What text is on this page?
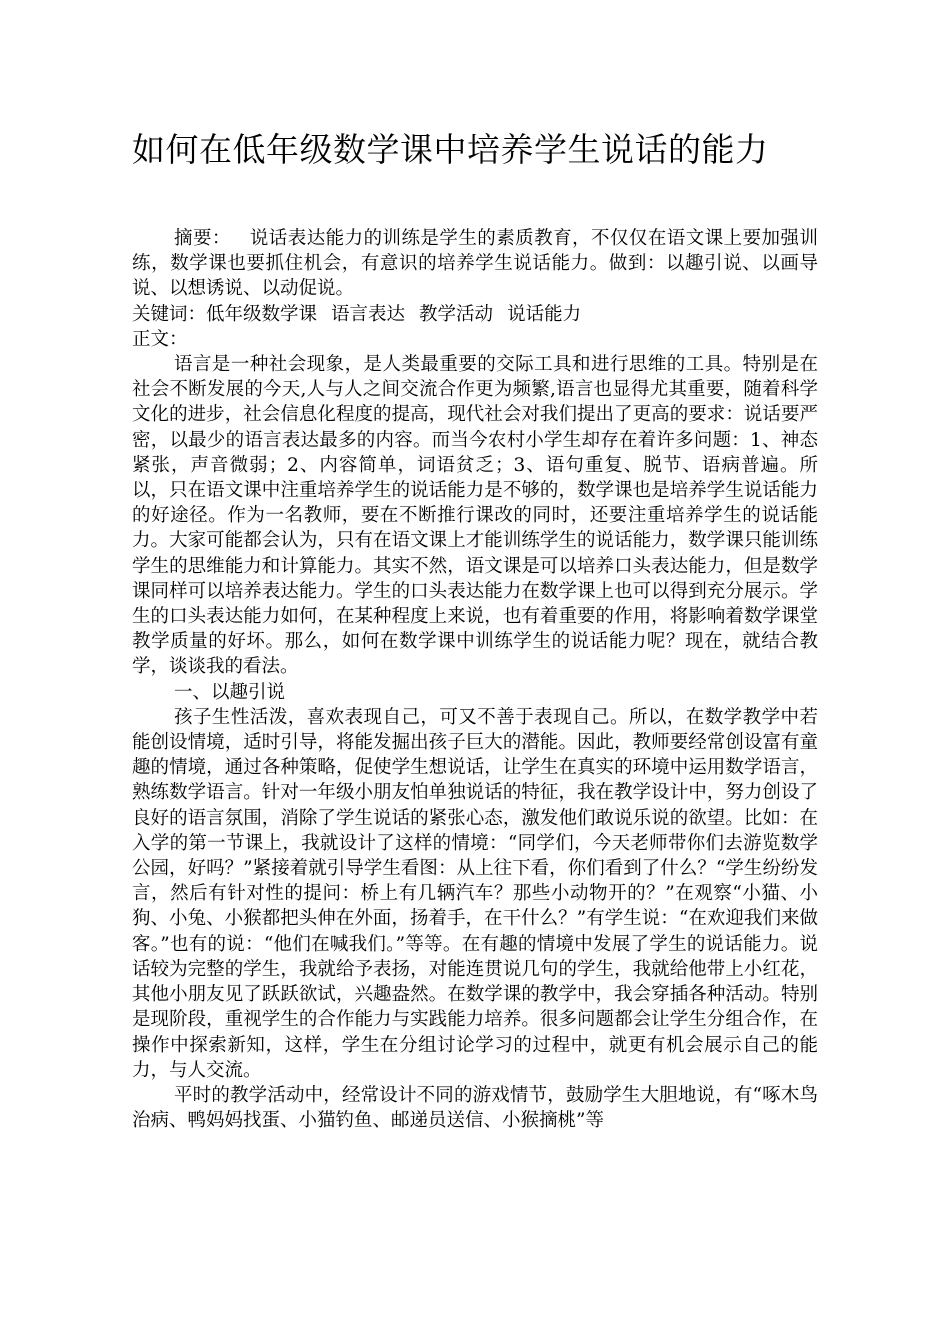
如何在低年级数学课中培养学生说话的能力

摘要： 说话表达能力的训练是学生的素质教育，不仅仅在语文课上要加强训练，数学课也要抓住机会，有意识的培养学生说话能力。做到：以趣引说、以画导说、以想诱说、以动促说。

关键词：低年级数学课 语言表达 教学活动 说话能力

正文：

语言是一种社会现象，是人类最重要的交际工具和进行思维的工具。特别是在社会不断发展的今天,人与人之间交流合作更为频繁,语言也显得尤其重要，随着科学文化的进步，社会信息化程度的提高，现代社会对我们提出了更高的要求：说话要严密，以最少的语言表达最多的内容。而当今农村小学生却存在着许多问题：1、神态紧张，声音微弱；2、内容简单，词语贫乏；3、语句重复、脱节、语病普遍。所以，只在语文课中注重培养学生的说话能力是不够的，数学课也是培养学生说话能力的好途径。作为一名教师，要在不断推行课改的同时，还要注重培养学生的说话能力。大家可能都会认为，只有在语文课上才能训练学生的说话能力，数学课只能训练学生的思维能力和计算能力。其实不然，语文课是可以培养口头表达能力，但是数学课同样可以培养表达能力。学生的口头表达能力在数学课上也可以得到充分展示。学生的口头表达能力如何，在某种程度上来说，也有着重要的作用，将影响着数学课堂教学质量的好坏。那么，如何在数学课中训练学生的说话能力呢？现在，就结合教学，谈谈我的看法。

一、以趣引说

孩子生性活泼，喜欢表现自己，可又不善于表现自己。所以，在数学教学中若能创设情境，适时引导，将能发掘出孩子巨大的潜能。因此，教师要经常创设富有童趣的情境，通过各种策略，促使学生想说话，让学生在真实的环境中运用数学语言，熟练数学语言。针对一年级小朋友怕单独说话的特征，我在教学设计中，努力创设了良好的语言氛围，消除了学生说话的紧张心态，激发他们敢说乐说的欲望。比如：在入学的第一节课上，我就设计了这样的情境：“同学们，今天老师带你们去游览数学公园，好吗？”紧接着就引导学生看图：从上往下看，你们看到了什么？“学生纷纷发言，然后有针对性的提问：桥上有几辆汽车？那些小动物开的？”在观察“小猫、小狗、小兔、小猴都把头伸在外面，扬着手，在干什么？”有学生说：“在欢迎我们来做客。”也有的说：“他们在喊我们。”等等。在有趣的情境中发展了学生的说话能力。说话较为完整的学生，我就给予表扬，对能连贯说几句的学生，我就给他带上小红花，其他小朋友见了跃跃欲试，兴趣盎然。在数学课的教学中，我会穿插各种活动。特别是现阶段，重视学生的合作能力与实践能力培养。很多问题都会让学生分组合作，在操作中探索新知，这样，学生在分组讨论学习的过程中，就更有机会展示自己的能力，与人交流。

平时的教学活动中，经常设计不同的游戏情节，鼓励学生大胆地说，有“啄木鸟治病、鸭妈妈找蛋、小猫钓鱼、邮递员送信、小猴摘桃”等
